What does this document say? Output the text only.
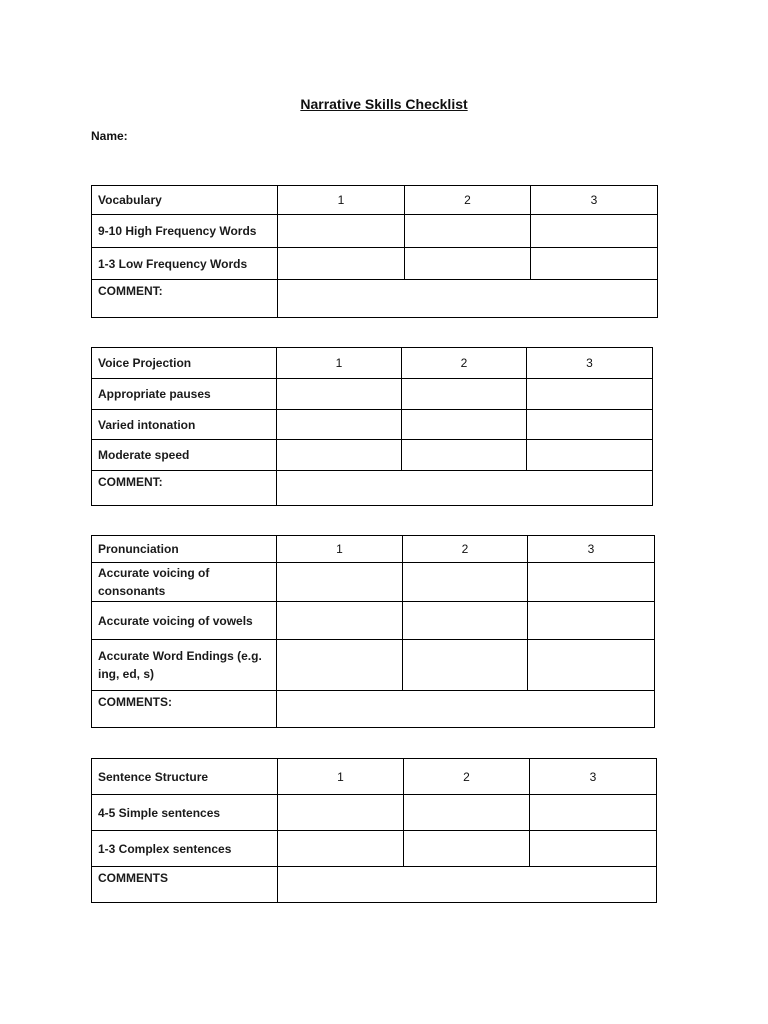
Narrative Skills Checklist
Name:
Vocabulary	1	2	3
9-10 High Frequency Words			
1-3 Low Frequency Words			
COMMENT:			
Voice Projection	1	2	3
Appropriate pauses			
Varied intonation			
Moderate speed			
COMMENT:			
Pronunciation	1	2	3
Accurate voicing of consonants			
Accurate voicing of vowels			
Accurate Word Endings (e.g. ing, ed, s)			
COMMENTS:			
Sentence Structure	1	2	3
4-5 Simple sentences			
1-3 Complex sentences			
COMMENTS			
